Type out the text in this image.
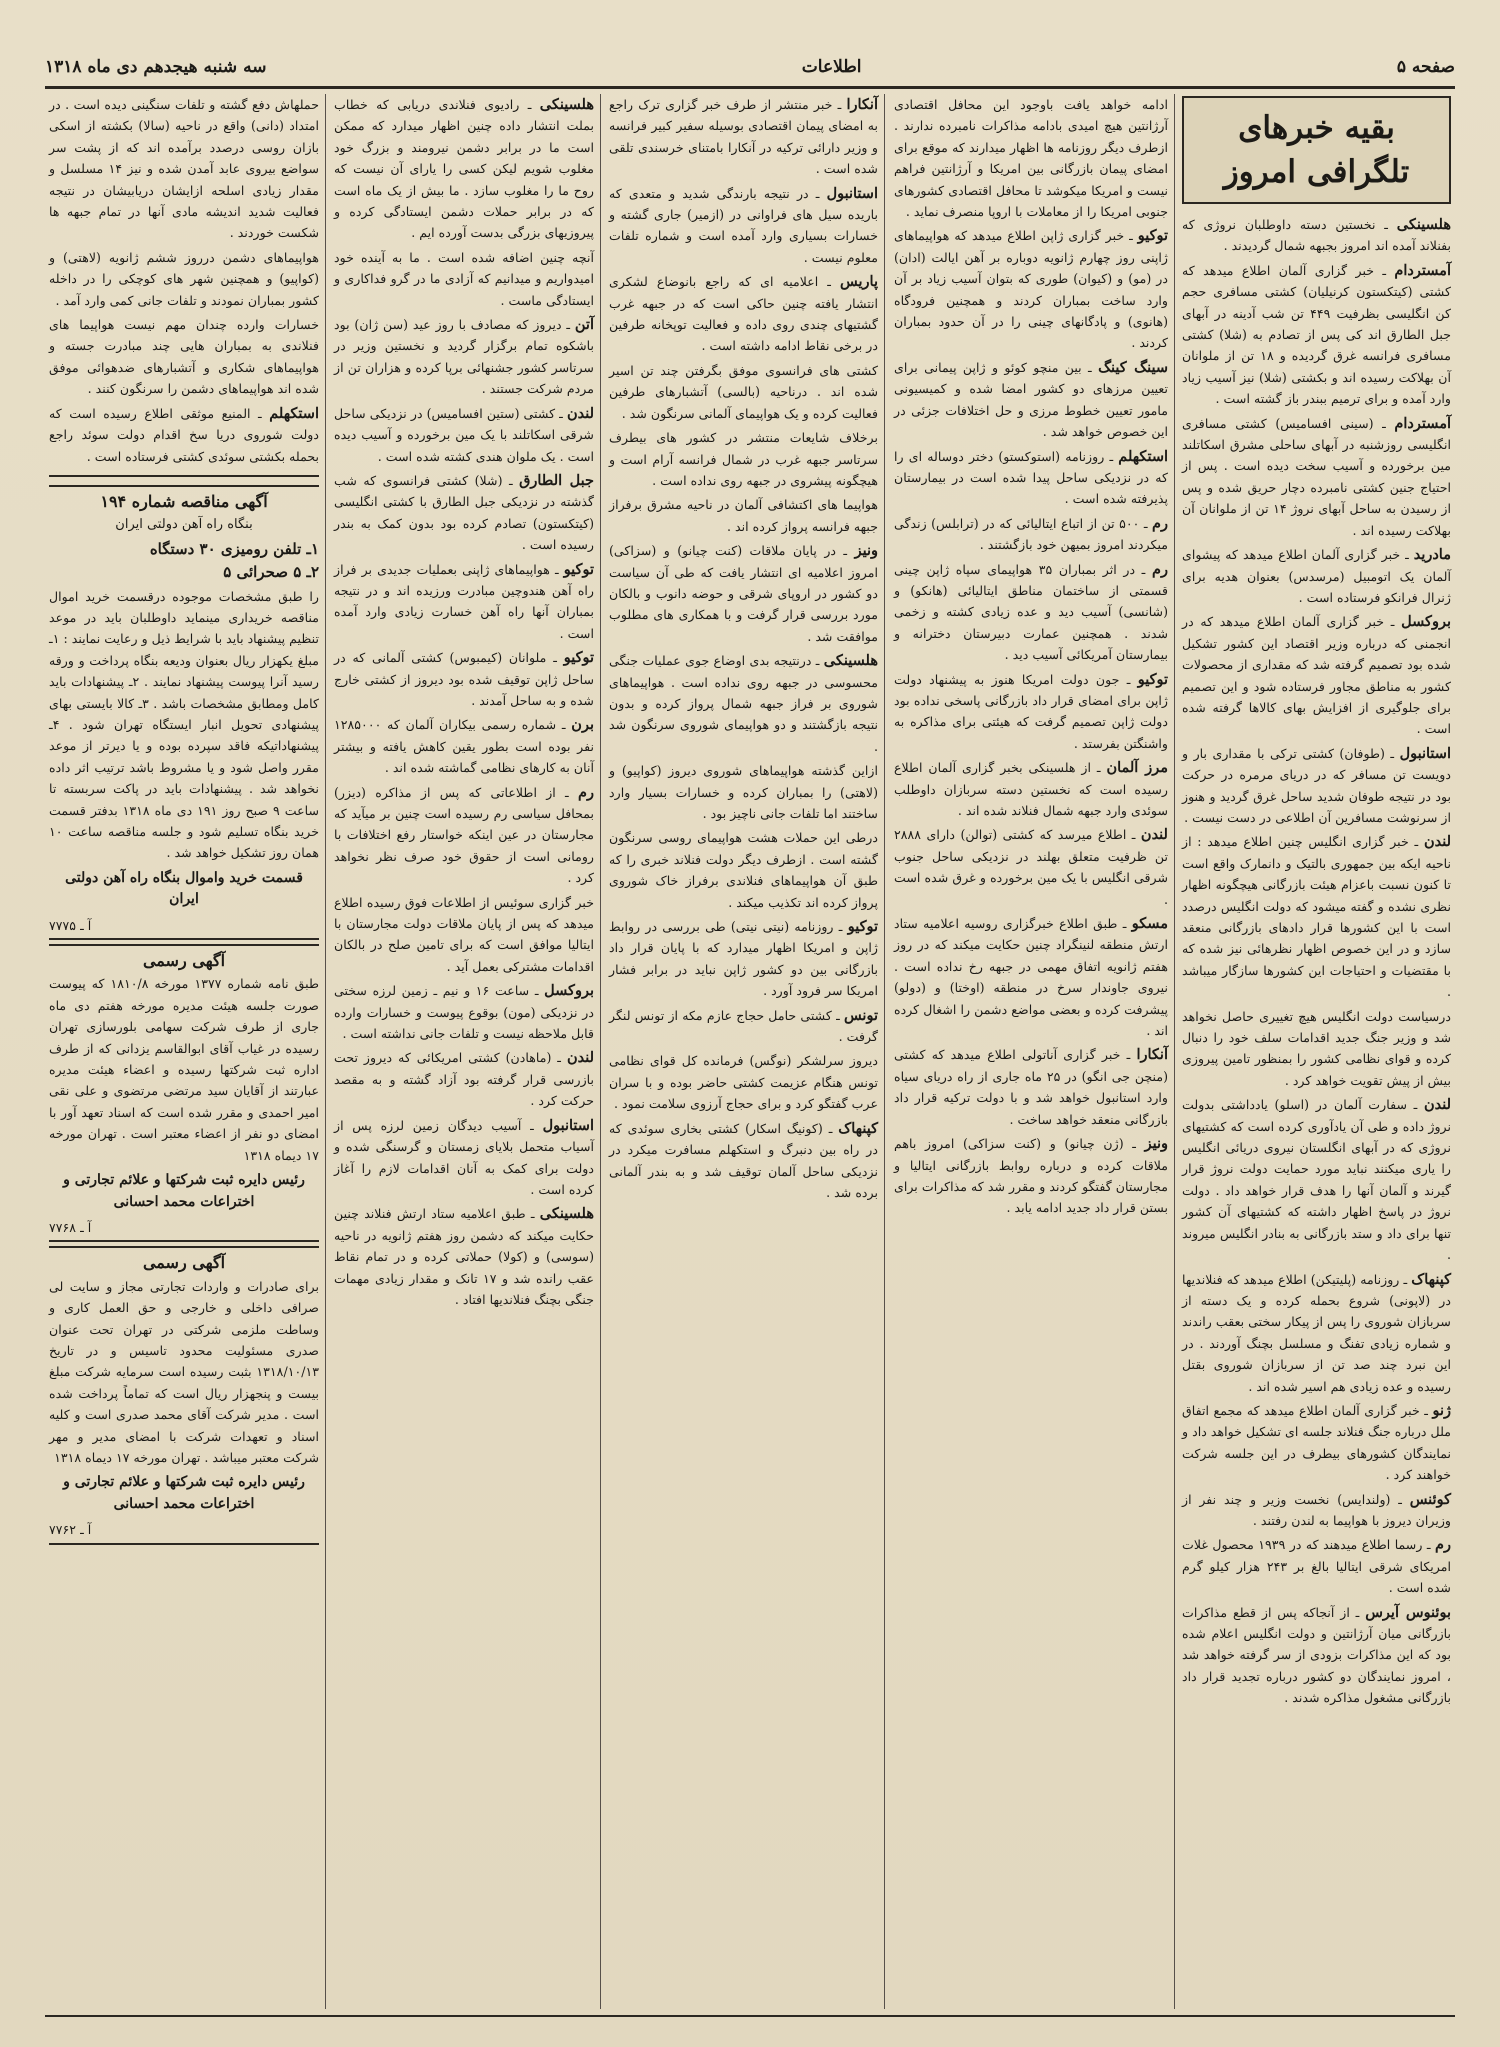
صفحه ۵
اطلاعات
سه شنبه هیجدهم دی ماه ۱۳۱۸
بقیه خبرهای تلگرافی امروز

هلسینکی ـ نخستین دسته داوطلبان نروژی که بفنلاند آمده اند امروز بجبهه شمال گردیدند .

آمستردام ـ خبر گزاری آلمان اطلاع میدهد که کشتی (کیتکستون کرنیلیان) کشتی مسافری حجم کن انگلیسی بظرفیت ۴۴۹ تن شب آدینه در آبهای جبل الطارق اند کی پس از تصادم به (شلا) کشتی مسافری فرانسه غرق گردیده و ۱۸ تن از ملوانان آن بهلاکت رسیده اند و بکشتی (شلا) نیز آسیب زیاد وارد آمده و برای ترمیم ببندر باز گشته است .

آمستردام ـ (سینی افسامیس) کشتی مسافری انگلیسی روزشنبه در آبهای ساحلی مشرق اسکاتلند مین برخورده و آسیب سخت دیده است . پس از احتیاج جنین کشتی نامبرده دچار حریق شده و پس از رسیدن به ساحل آبهای نروژ ۱۴ تن از ملوانان آن بهلاکت رسیده اند .

مادرید ـ خبر گزاری آلمان اطلاع میدهد که پیشوای آلمان یک اتومبیل (مرسدس) بعنوان هدیه برای ژنرال فرانکو فرستاده است .

بروکسل ـ خبر گزاری آلمان اطلاع میدهد که در انجمنی که درباره وزیر اقتصاد این کشور تشکیل شده بود تصمیم گرفته شد که مقداری از محصولات کشور به مناطق مجاور فرستاده شود و این تصمیم برای جلوگیری از افزایش بهای کالاها گرفته شده است .

استانبول ـ (طوفان) کشتی ترکی با مقداری بار و دویست تن مسافر که در دریای مرمره در حرکت بود در نتیجه طوفان شدید ساحل غرق گردید و هنوز از سرنوشت مسافرین آن اطلاعی در دست نیست .

لندن ـ خبر گزاری انگلیس چنین اطلاع میدهد : از ناحیه ایکه بین جمهوری بالتیک و دانمارک واقع است تا کنون نسبت باعزام هیئت بازرگانی هیچگونه اظهار نظری نشده و گفته میشود که دولت انگلیس درصدد است با این کشورها قرار دادهای بازرگانی منعقد سازد و در این خصوص اظهار نظرهائی نیز شده که با مقتضیات و احتیاجات این کشورها سازگار میباشد .

درسیاست دولت انگلیس هیچ تغییری حاصل نخواهد شد و وزیر جنگ جدید اقدامات سلف خود را دنبال کرده و قوای نظامی کشور را بمنظور تامین پیروزی بیش از پیش تقویت خواهد کرد .

لندن ـ سفارت آلمان در (اسلو) یادداشتی بدولت نروژ داده و طی آن یادآوری کرده است که کشتیهای نروژی که در آبهای انگلستان نیروی دریائی انگلیس را یاری میکنند نباید مورد حمایت دولت نروژ قرار گیرند و آلمان آنها را هدف قرار خواهد داد . دولت نروژ در پاسخ اظهار داشته که کشتیهای آن کشور تنها برای داد و ستد بازرگانی به بنادر انگلیس میروند .

کپنهاک ـ روزنامه (پلیتیکن) اطلاع میدهد که فنلاندیها در (لاپونی) شروع بحمله کرده و یک دسته از سربازان شوروی را پس از پیکار سختی بعقب راندند و شماره زیادی تفنگ و مسلسل بچنگ آوردند . در این نبرد چند صد تن از سربازان شوروی بقتل رسیده و عده زیادی هم اسیر شده اند .

ژنو ـ خبر گزاری آلمان اطلاع میدهد که مجمع اتفاق ملل درباره جنگ فنلاند جلسه ای تشکیل خواهد داد و نمایندگان کشورهای بیطرف در این جلسه شرکت خواهند کرد .

کوئنس ـ (ولندایس) نخست وزیر و چند نفر از وزیران دیروز با هواپیما به لندن رفتند .

رم ـ رسما اطلاع میدهند که در ۱۹۳۹ محصول غلات امریکای شرقی ایتالیا بالغ بر ۲۴۳ هزار کیلو گرم شده است .

بوئنوس آیرس ـ از آنجاکه پس از قطع مذاکرات بازرگانی میان آرژانتین و دولت انگلیس اعلام شده بود که این مذاکرات بزودی از سر گرفته خواهد شد ، امروز نمایندگان دو کشور درباره تجدید قرار داد بازرگانی مشغول مذاکره شدند .

ادامه خواهد یافت باوجود این محافل اقتصادی آرژانتین هیچ امیدی بادامه مذاکرات نامبرده ندارند . ازطرف دیگر روزنامه ها اظهار میدارند که موقع برای امضای پیمان بازرگانی بین امریکا و آرژانتین فراهم نیست و امریکا میکوشد تا محافل اقتصادی کشورهای جنوبی امریکا را از معاملات با اروپا منصرف نماید .

توکیو ـ خبر گزاری ژاپن اطلاع میدهد که هواپیماهای ژاپنی روز چهارم ژانویه دوباره بر آهن ایالت (ادان) در (مو) و (کیوان) طوری که بتوان آسیب زیاد بر آن وارد ساخت بمباران کردند و همچنین فرودگاه (هانوی) و پادگانهای چینی را در آن حدود بمباران کردند .

سینگ کینگ ـ بین منچو کوئو و ژاپن پیمانی برای تعیین مرزهای دو کشور امضا شده و کمیسیونی مامور تعیین خطوط مرزی و حل اختلافات جزئی در این خصوص خواهد شد .

استکهلم ـ روزنامه (استوکستو) دختر دوساله ای را که در نزدیکی ساحل پیدا شده است در بیمارستان پذیرفته شده است .

رم ـ ۵۰۰ تن از اتباع ایتالیائی که در (ترابلس) زندگی میکردند امروز بمیهن خود بازگشتند .

رم ـ در اثر بمباران ۳۵ هواپیمای سپاه ژاپن چینی قسمتی از ساختمان مناطق ایتالیائی (هانکو) و (شانسی) آسیب دید و عده زیادی کشته و زخمی شدند . همچنین عمارت دبیرستان دخترانه و بیمارستان آمریکائی آسیب دید .

توکیو ـ جون دولت امریکا هنوز به پیشنهاد دولت ژاپن برای امضای قرار داد بازرگانی پاسخی نداده بود دولت ژاپن تصمیم گرفت که هیئتی برای مذاکره به واشنگتن بفرستد .

مرز آلمان ـ از هلسینکی بخبر گزاری آلمان اطلاع رسیده است که نخستین دسته سربازان داوطلب سوئدی وارد جبهه شمال فنلاند شده اند .

لندن ـ اطلاع میرسد که کشتی (توالن) دارای ۲۸۸۸ تن ظرفیت متعلق بهلند در نزدیکی ساحل جنوب شرقی انگلیس با یک مین برخورده و غرق شده است .

مسکو ـ طبق اطلاع خبرگزاری روسیه اعلامیه ستاد ارتش منطقه لنینگراد چنین حکایت میکند که در روز هفتم ژانویه اتفاق مهمی در جبهه رخ نداده است . نیروی جاوندار سرخ در منطقه (اوختا) و (دولو) پیشرفت کرده و بعضی مواضع دشمن را اشغال کرده اند .

آنکارا ـ خبر گزاری آناتولی اطلاع میدهد که کشتی (منچن جی انگو) در ۲۵ ماه جاری از راه دریای سیاه وارد استانبول خواهد شد و با دولت ترکیه قرار داد بازرگانی منعقد خواهد ساخت .

ونیز ـ (ژن چیانو) و (کنت سزاکی) امروز باهم ملاقات کرده و درباره روابط بازرگانی ایتالیا و مجارستان گفتگو کردند و مقرر شد که مذاکرات برای بستن قرار داد جدید ادامه یابد .

آنکارا ـ خبر منتشر از طرف خبر گزاری ترک راجع به امضای پیمان اقتصادی بوسیله سفیر کبیر فرانسه و وزیر دارائی ترکیه در آنکارا بامتنای خرسندی تلقی شده است .

استانبول ـ در نتیجه بارندگی شدید و متعدی که باریده سیل های فراوانی در (ازمیر) جاری گشته و خسارات بسیاری وارد آمده است و شماره تلفات معلوم نیست .

پاریس ـ اعلامیه ای که راجع بانوضاع لشکری انتشار یافته چنین حاکی است که در جبهه غرب گشتیهای چندی روی داده و فعالیت توپخانه طرفین در برخی نقاط ادامه داشته است .

کشتی های فرانسوی موفق بگرفتن چند تن اسیر شده اند . درناحیه (بالسی) آتشبارهای طرفین فعالیت کرده و یک هواپیمای آلمانی سرنگون شد .

برخلاف شایعات منتشر در کشور های بیطرف سرتاسر جبهه غرب در شمال فرانسه آرام است و هیچگونه پیشروی در جبهه روی نداده است .

هواپیما های اکتشافی آلمان در ناحیه مشرق برفراز جبهه فرانسه پرواز کرده اند .

ونیز ـ در پایان ملاقات (کنت چیانو) و (سزاکی) امروز اعلامیه ای انتشار یافت که طی آن سیاست دو کشور در اروپای شرقی و حوضه دانوب و بالکان مورد بررسی قرار گرفت و با همکاری های مطلوب موافقت شد .

هلسینکی ـ درنتیجه بدی اوضاع جوی عملیات جنگی محسوسی در جبهه روی نداده است . هواپیماهای شوروی بر فراز جبهه شمال پرواز کرده و بدون نتیجه بازگشتند و دو هواپیمای شوروی سرنگون شد .

ازاین گذشته هواپیماهای شوروی دیروز (کواپیو) و (لاهتی) را بمباران کرده و خسارات بسیار وارد ساختند اما تلفات جانی ناچیز بود .

درطی این حملات هشت هواپیمای روسی سرنگون گشته است . ازطرف دیگر دولت فنلاند خبری را که طبق آن هواپیماهای فنلاندی برفراز خاک شوروی پرواز کرده اند تکذیب میکند .

توکیو ـ روزنامه (نیتی نیتی) طی بررسی در روابط ژاپن و امریکا اظهار میدارد که با پایان قرار داد بازرگانی بین دو کشور ژاپن نباید در برابر فشار امریکا سر فرود آورد .

تونس ـ کشتی حامل حجاج عازم مکه از تونس لنگر گرفت .

دیروز سرلشکر (نوگس) فرمانده کل قوای نظامی تونس هنگام عزیمت کشتی حاضر بوده و با سران عرب گفتگو کرد و برای حجاج آرزوی سلامت نمود .

کپنهاک ـ (کونیگ اسکار) کشتی بخاری سوئدی که در راه بین دنبرگ و استکهلم مسافرت میکرد در نزدیکی ساحل آلمان توقیف شد و به بندر آلمانی برده شد .

هلسینکی ـ رادیوی فنلاندی دریابی که خطاب بملت انتشار داده چنین اظهار میدارد که ممکن است ما در برابر دشمن نیرومند و بزرگ خود مغلوب شویم لیکن کسی را یارای آن نیست که روح ما را مغلوب سازد . ما بیش از یک ماه است که در برابر حملات دشمن ایستادگی کرده و پیروزیهای بزرگی بدست آورده ایم .

آنچه چنین اضافه شده است . ما به آینده خود امیدواریم و میدانیم که آزادی ما در گرو فداکاری و ایستادگی ماست .

آتن ـ دیروز که مصادف با روز عید (سن ژان) بود باشکوه تمام برگزار گردید و نخستین وزیر در سرتاسر کشور جشنهائی برپا کرده و هزاران تن از مردم شرکت جستند .

لندن ـ کشتی (ستین افسامیس) در نزدیکی ساحل شرقی اسکاتلند با یک مین برخورده و آسیب دیده است . یک ملوان هندی کشته شده است .

جبل الطارق ـ (شلا) کشتی فرانسوی که شب گذشته در نزدیکی جبل الطارق با کشتی انگلیسی (کیتکستون) تصادم کرده بود بدون کمک به بندر رسیده است .

توکیو ـ هواپیماهای ژاپنی بعملیات جدیدی بر فراز راه آهن هندوچین مبادرت ورزیده اند و در نتیجه بمباران آنها راه آهن خسارت زیادی وارد آمده است .

توکیو ـ ملوانان (کیمبوس) کشتی آلمانی که در ساحل ژاپن توقیف شده بود دیروز از کشتی خارج شده و به ساحل آمدند .

برن ـ شماره رسمی بیکاران آلمان که ۱۲۸۵۰۰۰ نفر بوده است بطور یقین کاهش یافته و بیشتر آنان به کارهای نظامی گماشته شده اند .

رم ـ از اطلاعاتی که پس از مذاکره (دیزر) بمحافل سیاسی رم رسیده است چنین بر میآید که مجارستان در عین اینکه خواستار رفع اختلافات با رومانی است از حقوق خود صرف نظر نخواهد کرد .

خبر گزاری سوئیس از اطلاعات فوق رسیده اطلاع میدهد که پس از پایان ملاقات دولت مجارستان با ایتالیا موافق است که برای تامین صلح در بالکان اقدامات مشترکی بعمل آید .

بروکسل ـ ساعت ۱۶ و نیم ـ زمین لرزه سختی در نزدیکی (مون) بوقوع پیوست و خسارات وارده قابل ملاحظه نیست و تلفات جانی نداشته است .

لندن ـ (ماهادن) کشتی امریکائی که دیروز تحت بازرسی قرار گرفته بود آزاد گشته و به مقصد حرکت کرد .

استانبول ـ آسیب دیدگان زمین لرزه پس از آسیاب متحمل بلایای زمستان و گرسنگی شده و دولت برای کمک به آنان اقدامات لازم را آغاز کرده است .

هلسینکی ـ طبق اعلامیه ستاد ارتش فنلاند چنین حکایت میکند که دشمن روز هفتم ژانویه در ناحیه (سوسی) و (کولا) حملاتی کرده و در تمام نقاط عقب رانده شد و ۱۷ تانک و مقدار زیادی مهمات جنگی بچنگ فنلاندیها افتاد .

حملهاش دفع گشته و تلفات سنگینی دیده است . در امتداد (دانی) واقع در ناحیه (سالا) بکشته از اسکی بازان روسی درصدد برآمده اند که از پشت سر سواضع بیروی عابد آمدن شده و نیز ۱۴ مسلسل و مقدار زیادی اسلحه ازایشان دریابیشان در نتیجه فعالیت شدید اندیشه مادی آنها در تمام جبهه ها شکست خوردند .

هواپیماهای دشمن درروز ششم ژانویه (لاهتی) و (کواپیو) و همچنین شهر های کوچکی را در داخله کشور بمباران نمودند و تلفات جانی کمی وارد آمد .

خسارات وارده چندان مهم نیست هواپیما های فنلاندی به بمباران هایی چند مبادرت جسته و هواپیماهای شکاری و آتشبارهای ضدهوائی موفق شده اند هواپیماهای دشمن را سرنگون کنند .

استکهلم ـ المنیع موثقی اطلاع رسیده است که دولت شوروی دریا سخ اقدام دولت سوئد راجع بحمله بکشتی سوئدی کشتی فرستاده است .

آگهی مناقصه شماره ۱۹۴
بنگاه راه آهن دولتی ایران
۱ـ تلفن رومیزی ۳۰ دستگاه
۲ـ ۵ صحرائی ۵

را طبق مشخصات موجوده درقسمت خرید اموال مناقصه خریداری مینماید داوطلبان باید در موعد تنظیم پیشنهاد باید با شرایط ذیل و رعایت نمایند : ۱ـ مبلغ یکهزار ریال بعنوان ودیعه بنگاه پرداخت و ورقه رسید آنرا پیوست پیشنهاد نمایند . ۲ـ پیشنهادات باید کامل ومطابق مشخصات باشد . ۳ـ کالا بایستی بهای پیشنهادی تحویل انبار ایستگاه تهران شود . ۴ـ پیشنهاداتیکه فاقد سپرده بوده و یا دیرتر از موعد مقرر واصل شود و یا مشروط باشد ترتیب اثر داده نخواهد شد . پیشنهادات باید در پاکت سربسته تا ساعت ۹ صبح روز ۱۹۱ دی ماه ۱۳۱۸ بدفتر قسمت خرید بنگاه تسلیم شود و جلسه مناقصه ساعت ۱۰ همان روز تشکیل خواهد شد .

قسمت خرید واموال بنگاه راه آهن دولتی ایران
آ ـ ۷۷۷۵
آگهی رسمی

طبق نامه شماره ۱۳۷۷ مورخه ۱۸۱۰/۸ که پیوست صورت جلسه هیئت مدیره مورخه هفتم دی ماه جاری از طرف شرکت سهامی بلورسازی تهران رسیده در غیاب آقای ابوالقاسم یزدانی که از طرف اداره ثبت شرکتها رسیده و اعضاء هیئت مدیره عبارتند از آقایان سید مرتضی مرتضوی و علی نقی امیر احمدی و مقرر شده است که اسناد تعهد آور با امضای دو نفر از اعضاء معتبر است . تهران مورخه ۱۷ دیماه ۱۳۱۸

رئیس دایره ثبت شرکتها و علائم تجارتی و اختراعات محمد احسانی
آ ـ ۷۷۶۸
آگهی رسمی

برای صادرات و واردات تجارتی مجاز و سایت لی صرافی داخلی و خارجی و حق العمل کاری و وساطت ملزمی شرکتی در تهران تحت عنوان صدری مسئولیت محدود تاسیس و در تاریخ ۱۳۱۸/۱۰/۱۳ بثبت رسیده است سرمایه شرکت مبلغ بیست و پنجهزار ریال است که تماماً پرداخت شده است . مدیر شرکت آقای محمد صدری است و کلیه اسناد و تعهدات شرکت با امضای مدیر و مهر شرکت معتبر میباشد . تهران مورخه ۱۷ دیماه ۱۳۱۸

رئیس دایره ثبت شرکتها و علائم تجارتی و اختراعات محمد احسانی
آ ـ ۷۷۶۲
